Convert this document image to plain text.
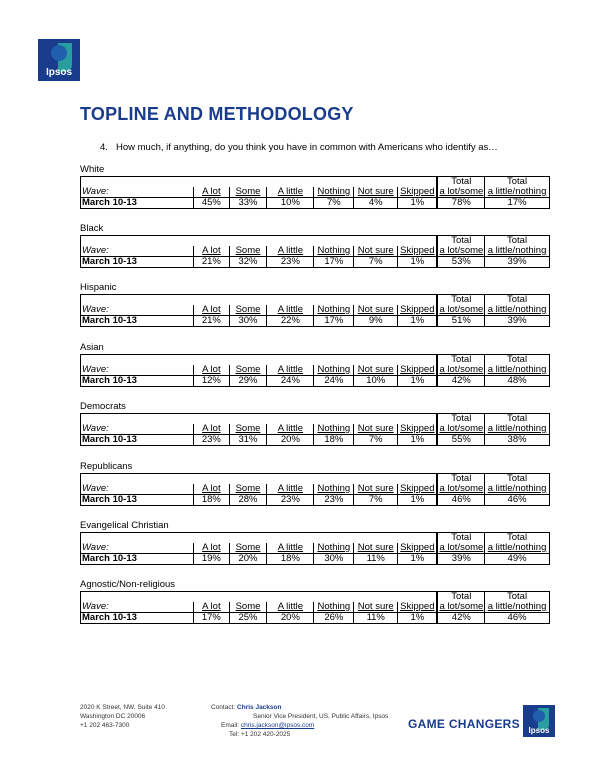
Ipsos
TOPLINE AND METHODOLOGY
4. How much, if anything, do you think you have in common with Americans who identify as…
White
							Total	Total
Wave:	A lot	Some	A little	Nothing	Not sure	Skipped	a lot/some	a little/nothing
March 10-13	45%	33%	10%	7%	4%	1%	78%	17%
Black
							Total	Total
Wave:	A lot	Some	A little	Nothing	Not sure	Skipped	a lot/some	a little/nothing
March 10-13	21%	32%	23%	17%	7%	1%	53%	39%
Hispanic
							Total	Total
Wave:	A lot	Some	A little	Nothing	Not sure	Skipped	a lot/some	a little/nothing
March 10-13	21%	30%	22%	17%	9%	1%	51%	39%
Asian
							Total	Total
Wave:	A lot	Some	A little	Nothing	Not sure	Skipped	a lot/some	a little/nothing
March 10-13	12%	29%	24%	24%	10%	1%	42%	48%
Democrats
							Total	Total
Wave:	A lot	Some	A little	Nothing	Not sure	Skipped	a lot/some	a little/nothing
March 10-13	23%	31%	20%	18%	7%	1%	55%	38%
Republicans
							Total	Total
Wave:	A lot	Some	A little	Nothing	Not sure	Skipped	a lot/some	a little/nothing
March 10-13	18%	28%	23%	23%	7%	1%	46%	46%
Evangelical Christian
							Total	Total
Wave:	A lot	Some	A little	Nothing	Not sure	Skipped	a lot/some	a little/nothing
March 10-13	19%	20%	18%	30%	11%	1%	39%	49%
Agnostic/Non-religious
							Total	Total
Wave:	A lot	Some	A little	Nothing	Not sure	Skipped	a lot/some	a little/nothing
March 10-13	17%	25%	20%	26%	11%	1%	42%	46%
2020 K Street, NW, Suite 410
Washington DC 20006
+1 202 463-7300
Contact: Chris Jackson
Senior Vice President, US, Public Affairs, Ipsos
Email: chris.jackson@ipsos.com
Tel: +1 202 420-2025
GAME CHANGERS Ipsos
